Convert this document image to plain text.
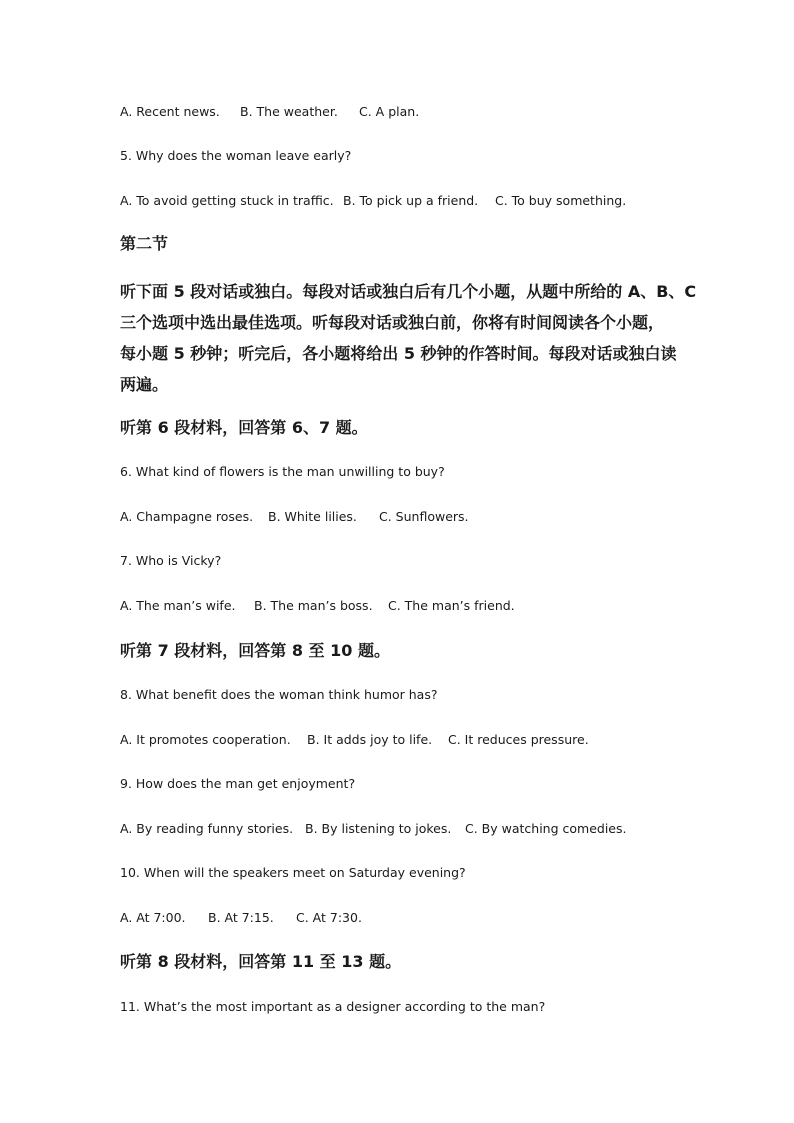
A. Recent news. B. The weather. C. A plan.
5. Why does the woman leave early?
A. To avoid getting stuck in traffic. B. To pick up a friend. C. To buy something.
第二节
听下面 5 段对话或独白。每段对话或独白后有几个小题，从题中所给的 A、B、C
三个选项中选出最佳选项。听每段对话或独白前，你将有时间阅读各个小题，
每小题 5 秒钟；听完后，各小题将给出 5 秒钟的作答时间。每段对话或独白读
两遍。
听第 6 段材料，回答第 6、7 题。
6. What kind of flowers is the man unwilling to buy?
A. Champagne roses. B. White lilies. C. Sunflowers.
7. Who is Vicky?
A. The man’s wife. B. The man’s boss. C. The man’s friend.
听第 7 段材料，回答第 8 至 10 题。
8. What benefit does the woman think humor has?
A. It promotes cooperation. B. It adds joy to life. C. It reduces pressure.
9. How does the man get enjoyment?
A. By reading funny stories. B. By listening to jokes. C. By watching comedies.
10. When will the speakers meet on Saturday evening?
A. At 7:00. B. At 7:15. C. At 7:30.
听第 8 段材料，回答第 11 至 13 题。
11. What’s the most important as a designer according to the man?
